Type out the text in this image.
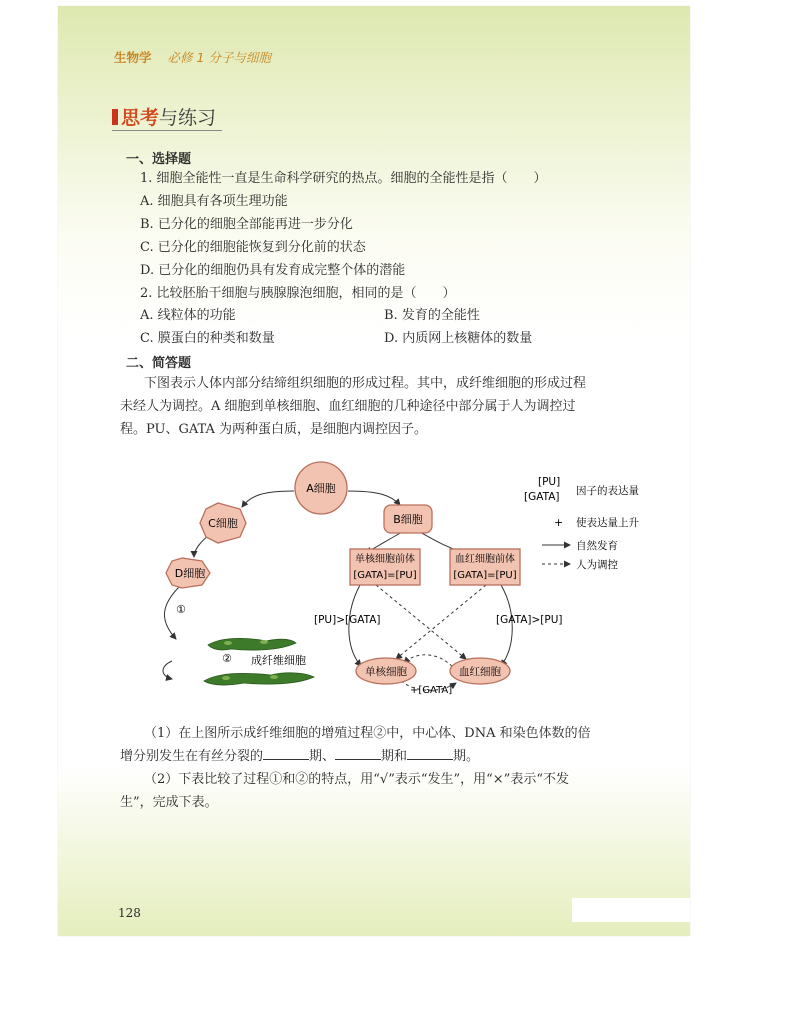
生物学 必修 1 分子与细胞
思考与练习
一、选择题
1. 细胞全能性一直是生命科学研究的热点。细胞的全能性是指（　　）
A. 细胞具有各项生理功能
B. 已分化的细胞全部能再进一步分化
C. 已分化的细胞能恢复到分化前的状态
D. 已分化的细胞仍具有发育成完整个体的潜能
2. 比较胚胎干细胞与胰腺腺泡细胞，相同的是（　　）
A. 线粒体的功能	B. 发育的全能性
C. 膜蛋白的种类和数量	D. 内质网上核糖体的数量
二、简答题
下图表示人体内部分结缔组织细胞的形成过程。其中，成纤维细胞的形成过程未经人为调控。A 细胞到单核细胞、血红细胞的几种途径中部分属于人为调控过程。PU、GATA 为两种蛋白质，是细胞内调控因子。
A细胞
C细胞	B细胞
D细胞
单核细胞前体
[GATA]=[PU]
血红细胞前体
[GATA]=[PU]
单核细胞	血红细胞
成纤维细胞
①
②
[PU]>[GATA]	[GATA]>[PU]
+[GATA]
[PU]
[GATA] 因子的表达量
+ 使表达量上升
自然发育
人为调控
（1）在上图所示成纤维细胞的增殖过程②中，中心体、DNA 和染色体数的倍增分别发生在有丝分裂的	期、	期和	期。
（2）下表比较了过程①和②的特点，用“√”表示“发生”，用“×”表示“不发生”，完成下表。
128
